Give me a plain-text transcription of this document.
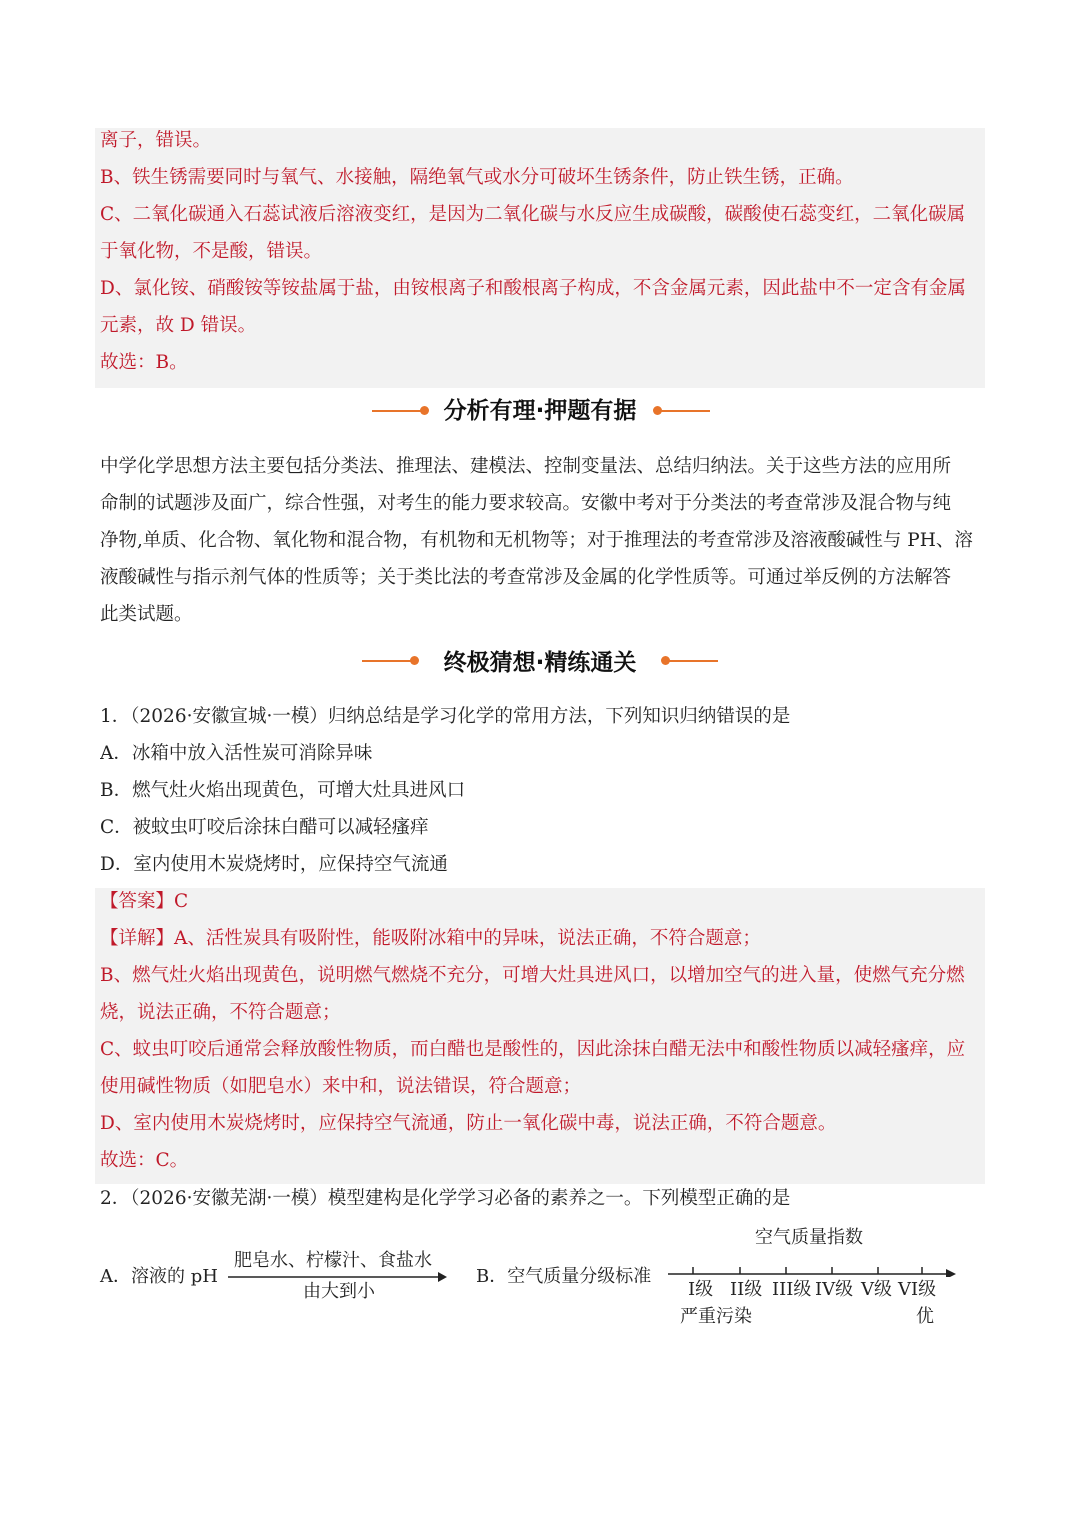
离子，错误。
B、铁生锈需要同时与氧气、水接触，隔绝氧气或水分可破坏生锈条件，防止铁生锈，正确。
C、二氧化碳通入石蕊试液后溶液变红，是因为二氧化碳与水反应生成碳酸，碳酸使石蕊变红，二氧化碳属
于氧化物，不是酸，错误。
D、氯化铵、硝酸铵等铵盐属于盐，由铵根离子和酸根离子构成，不含金属元素，因此盐中不一定含有金属
元素，故 D 错误。
故选：B。
分析有理·押题有据
中学化学思想方法主要包括分类法、推理法、建模法、控制变量法、总结归纳法。关于这些方法的应用所
命制的试题涉及面广，综合性强，对考生的能力要求较高。安徽中考对于分类法的考查常涉及混合物与纯
净物,单质、化合物、氧化物和混合物，有机物和无机物等；对于推理法的考查常涉及溶液酸碱性与 PH、溶
液酸碱性与指示剂气体的性质等；关于类比法的考查常涉及金属的化学性质等。可通过举反例的方法解答
此类试题。
终极猜想·精练通关
1．（2026·安徽宣城·一模）归纳总结是学习化学的常用方法，下列知识归纳错误的是
A．冰箱中放入活性炭可消除异味
B．燃气灶火焰出现黄色，可增大灶具进风口
C．被蚊虫叮咬后涂抹白醋可以减轻瘙痒
D．室内使用木炭烧烤时，应保持空气流通
【答案】C
【详解】A、活性炭具有吸附性，能吸附冰箱中的异味，说法正确，不符合题意；
B、燃气灶火焰出现黄色，说明燃气燃烧不充分，可增大灶具进风口，以增加空气的进入量，使燃气充分燃
烧，说法正确，不符合题意；
C、蚊虫叮咬后通常会释放酸性物质，而白醋也是酸性的，因此涂抹白醋无法中和酸性物质以减轻瘙痒，应
使用碱性物质（如肥皂水）来中和，说法错误，符合题意；
D、室内使用木炭烧烤时，应保持空气流通，防止一氧化碳中毒，说法正确，不符合题意。
故选：C。
2．（2026·安徽芜湖·一模）模型建构是化学学习必备的素养之一。下列模型正确的是
A．溶液的 pH
肥皂水、柠檬汁、食盐水
由大到小
B．空气质量分级标准
空气质量指数
I级 II级 III级 IV级 V级 VI级
严重污染	优
